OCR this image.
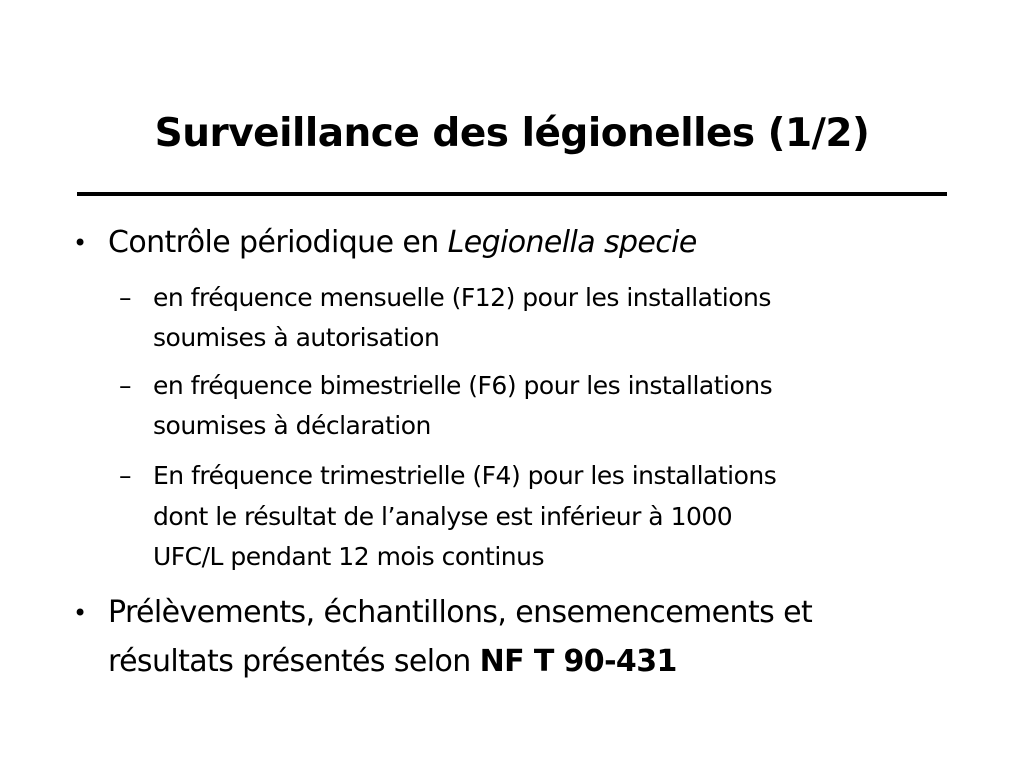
Surveillance des légionelles (1/2)
• Contrôle périodique en Legionella specie
– en fréquence mensuelle (F12) pour les installations
soumises à autorisation
– en fréquence bimestrielle (F6) pour les installations
soumises à déclaration
– En fréquence trimestrielle (F4) pour les installations
dont le résultat de l’analyse est inférieur à 1000
UFC/L pendant 12 mois continus
• Prélèvements, échantillons, ensemencements et
résultats présentés selon NF T 90-431
